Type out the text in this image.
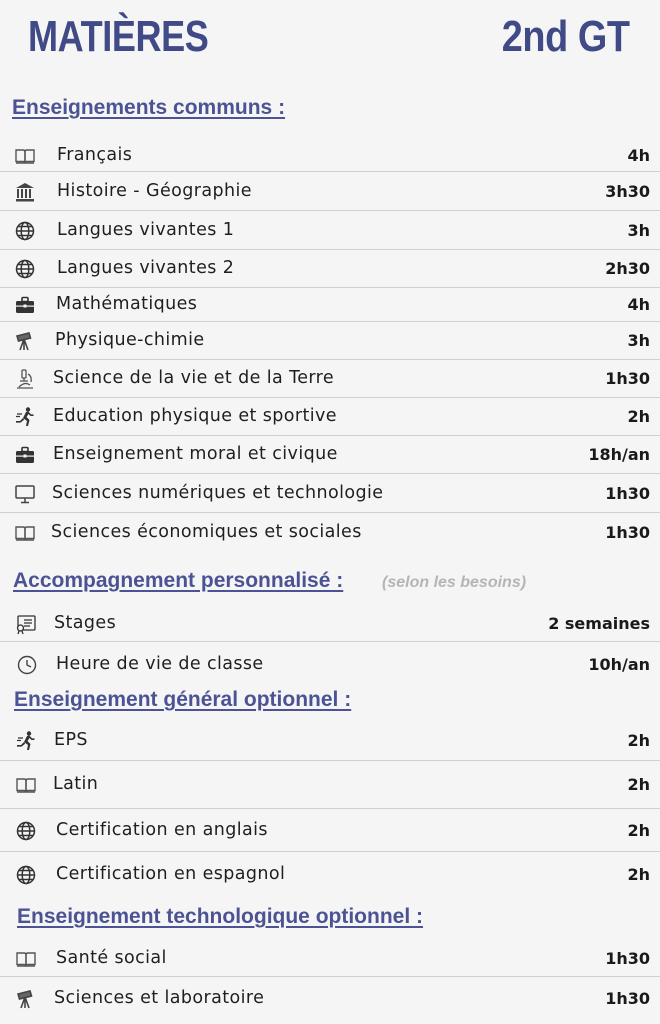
MATIÈRES	2nd GT
Enseignements communs :
Français	4h
Histoire - Géographie	3h30
Langues vivantes 1	3h
Langues vivantes 2	2h30
Mathématiques	4h
Physique-chimie	3h
Science de la vie et de la Terre	1h30
Education physique et sportive	2h
Enseignement moral et civique	18h/an
Sciences numériques et technologie	1h30
Sciences économiques et sociales	1h30
Accompagnement personnalisé : (selon les besoins)
Stages	2 semaines
Heure de vie de classe	10h/an
Enseignement général optionnel :
EPS	2h
Latin	2h
Certification en anglais	2h
Certification en espagnol	2h
Enseignement technologique optionnel :
Santé social	1h30
Sciences et laboratoire	1h30
